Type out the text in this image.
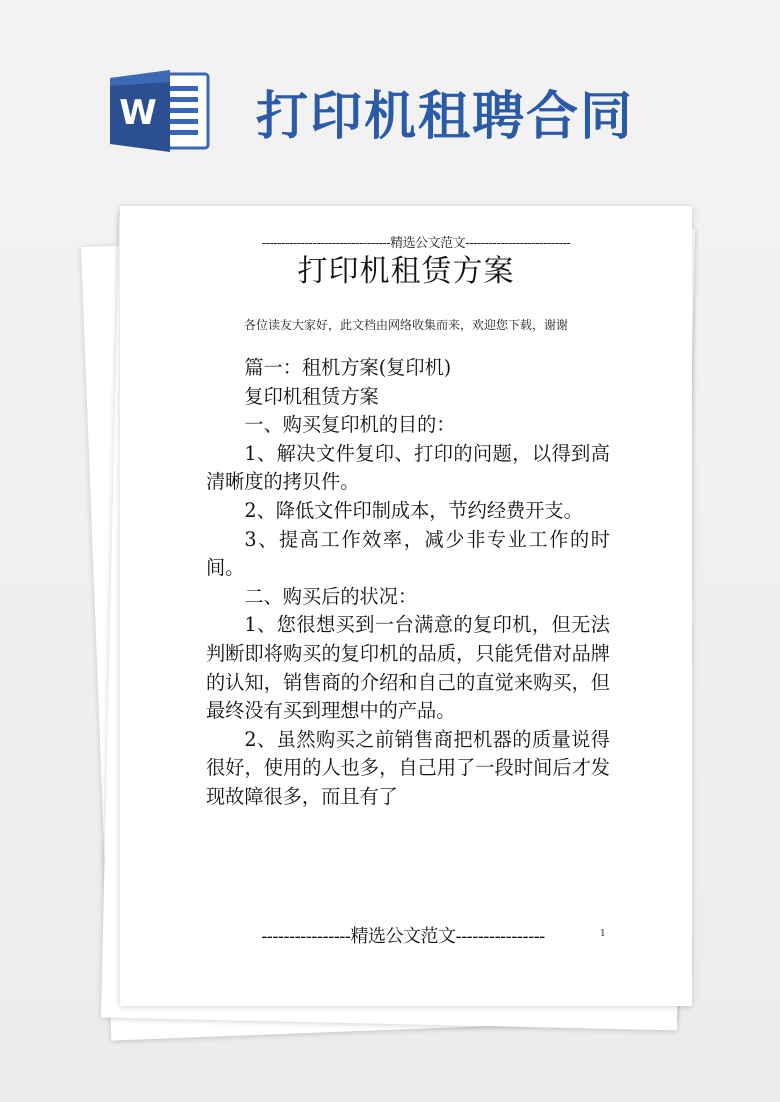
W 打印机租聘合同
---------------------------------精选公文范文---------------------------
打印机租赁方案
各位读友大家好，此文档由网络收集而来，欢迎您下载，谢谢

篇一：租机方案(复印机)

复印机租赁方案

一、购买复印机的目的：

1、解决文件复印、打印的问题，以得到高清晰度的拷贝件。

2、降低文件印制成本，节约经费开支。

3、提高工作效率，减少非专业工作的时间。

二、购买后的状况：

1、您很想买到一台满意的复印机，但无法判断即将购买的复印机的品质，只能凭借对品牌的认知，销售商的介绍和自己的直觉来购买，但最终没有买到理想中的产品。

2、虽然购买之前销售商把机器的质量说得很好，使用的人也多，自己用了一段时间后才发现故障很多，而且有了

----------------精选公文范文----------------	1
